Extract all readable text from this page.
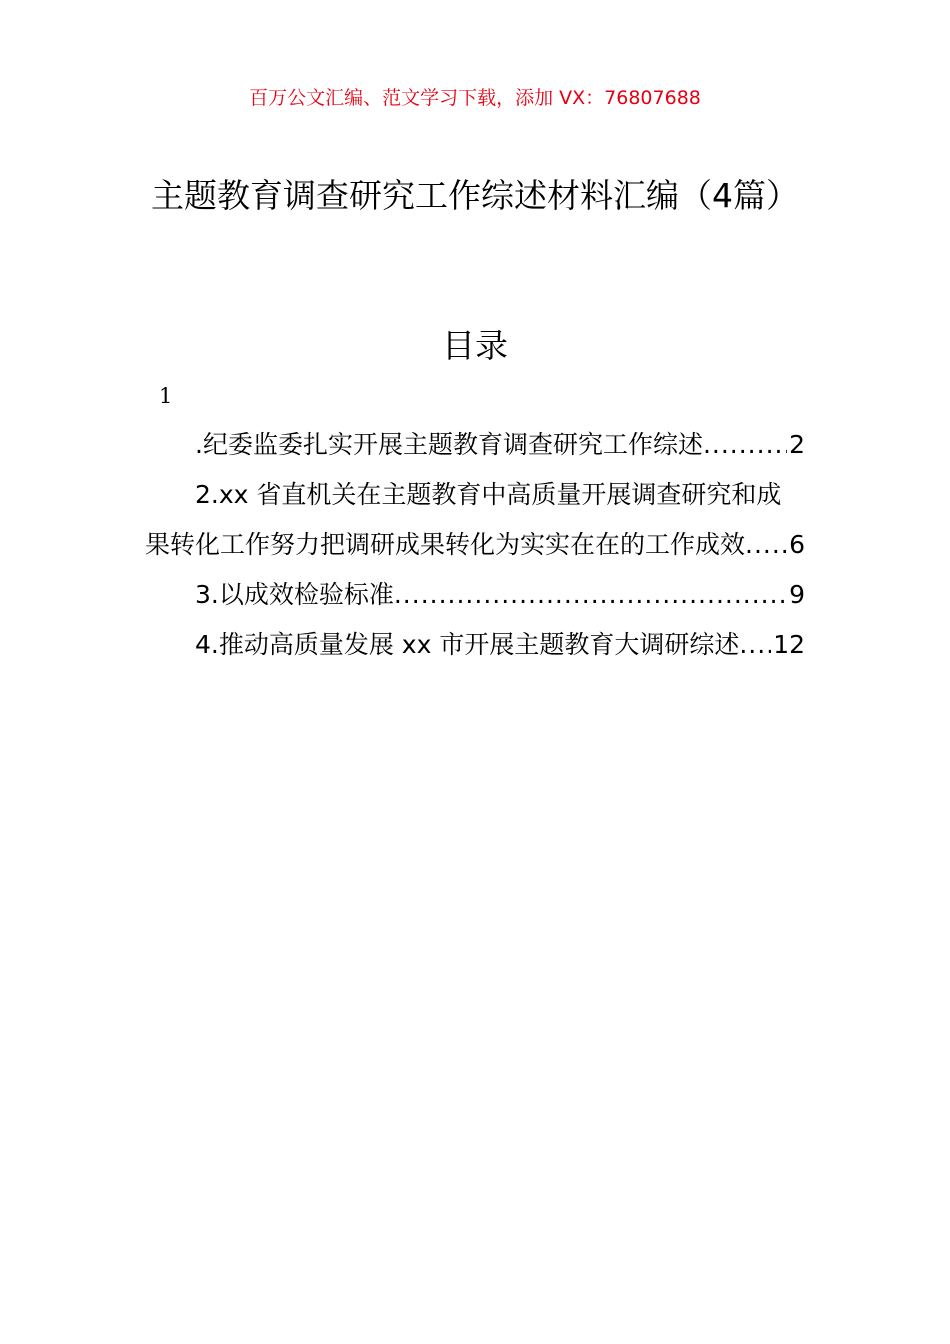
百万公文汇编、范文学习下载，添加 VX：76807688
主题教育调查研究工作综述材料汇编（4篇）
目录
1
.纪委监委扎实开展主题教育调查研究工作综述 .....	2
2.xx 省直机关在主题教育中高质量开展调查研究和成
果转化工作努力把调研成果转化为实实在在的工作成效 ..... 6
3.以成效检验标准 .....	9
4.推动高质量发展 xx 市开展主题教育大调研综述 ..... 12
